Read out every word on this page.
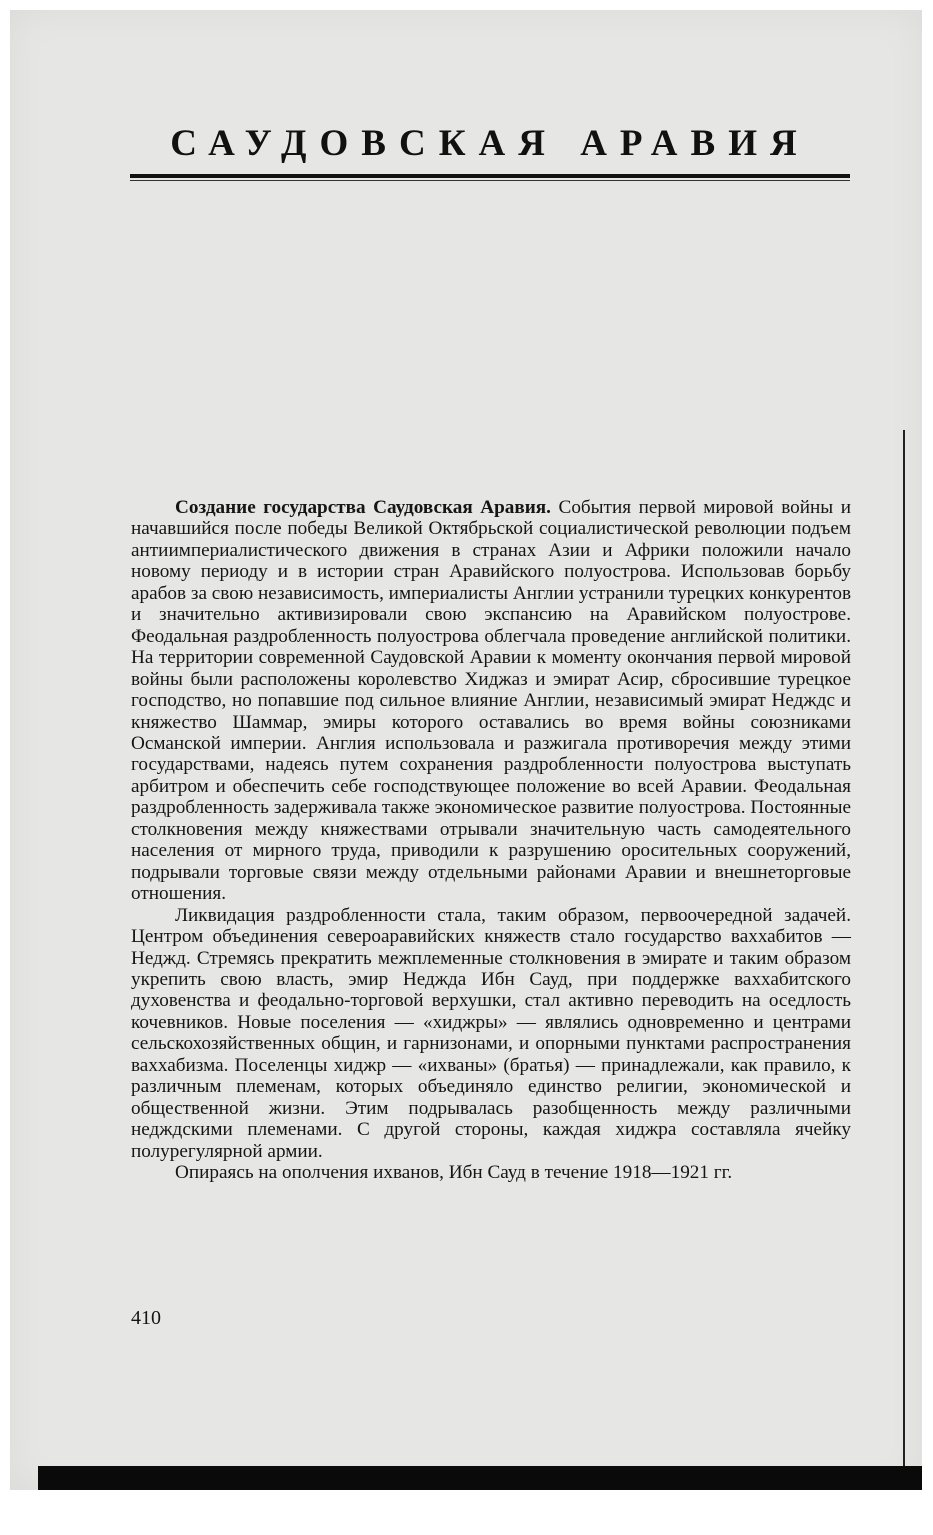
САУДОВСКАЯ АРАВИЯ

Создание государства Саудовская Аравия. События первой мировой войны и начавшийся после победы Великой Октябрьской социалистической революции подъем антиимпериалистического движения в странах Азии и Африки положили начало новому периоду и в истории стран Аравийского полуострова. Использовав борьбу арабов за свою независимость, империалисты Англии устранили турецких конкурентов и значительно активизировали свою экспансию на Аравийском полуострове. Феодальная раздробленность полуострова облегчала проведение английской политики. На территории современной Саудовской Аравии к моменту окончания первой мировой войны были расположены королевство Хиджаз и эмират Асир, сбросившие турецкое господство, но попавшие под сильное влияние Англии, независимый эмират Недждс и княжество Шаммар, эмиры которого оставались во время войны союзниками Османской империи. Англия использовала и разжигала противоречия между этими государствами, надеясь путем сохранения раздробленности полуострова выступать арбитром и обеспечить себе господствующее положение во всей Аравии. Феодальная раздробленность задерживала также экономическое развитие полуострова. Постоянные столкновения между княжествами отрывали значительную часть самодеятельного населения от мирного труда, приводили к разрушению оросительных сооружений, подрывали торговые связи между отдельными районами Аравии и внешнеторговые отношения.

Ликвидация раздробленности стала, таким образом, первоочередной задачей. Центром объединения североаравийских княжеств стало государство ваххабитов — Неджд. Стремясь прекратить межплеменные столкновения в эмирате и таким образом укрепить свою власть, эмир Неджда Ибн Сауд, при поддержке ваххабитского духовенства и феодально-торговой верхушки, стал активно переводить на оседлость кочевников. Новые поселения — «хиджры» — являлись одновременно и центрами сельскохозяйственных общин, и гарнизонами, и опорными пунктами распространения ваххабизма. Поселенцы хиджр — «ихваны» (братья) — принадлежали, как правило, к различным племенам, которых объединяло единство религии, экономической и общественной жизни. Этим подрывалась разобщенность между различными недждскими племенами. С другой стороны, каждая хиджра составляла ячейку полурегулярной армии.

Опираясь на ополчения ихванов, Ибн Сауд в течение 1918—1921 гг.

410
